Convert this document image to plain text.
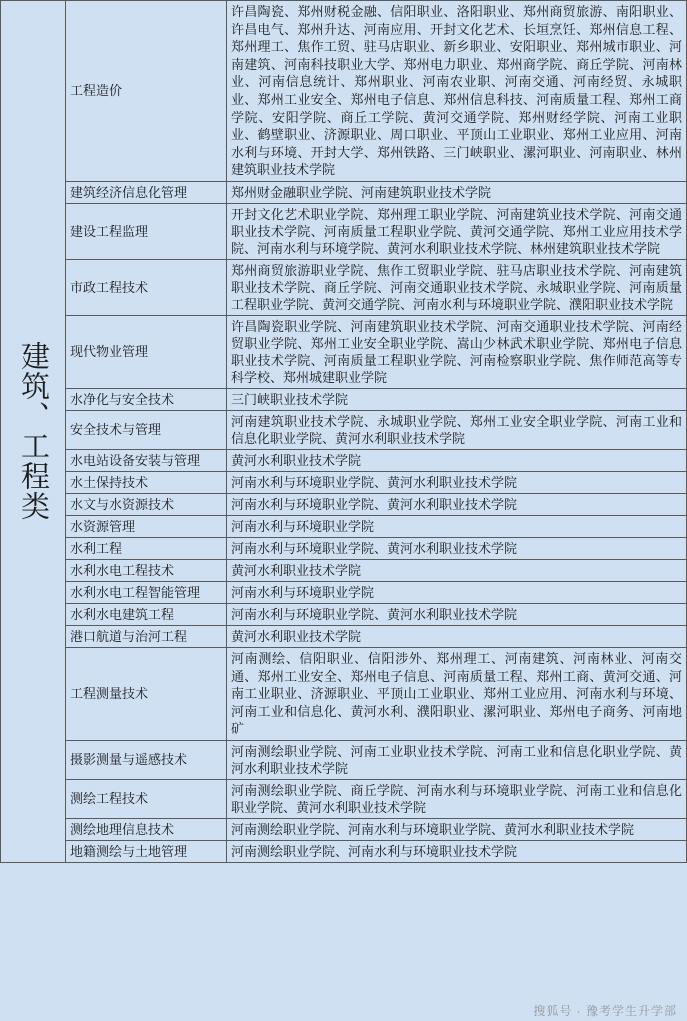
建筑、工程类	工程造价	许昌陶瓷、郑州财税金融、信阳职业、洛阳职业、郑州商贸旅游、南阳职业、许昌电气、郑州升达、河南应用、开封文化艺术、长垣烹饪、郑州信息工程、郑州理工、焦作工贸、驻马店职业、新乡职业、安阳职业、郑州城市职业、河南建筑、河南科技职业大学、郑州电力职业、郑州商学院、商丘学院、河南林业、河南信息统计、郑州职业、河南农业职、河南交通、河南经贸、永城职业、郑州工业安全、郑州电子信息、郑州信息科技、河南质量工程、郑州工商学院、安阳学院、商丘工学院、黄河交通学院、郑州财经学院、河南工业职业、鹤壁职业、济源职业、周口职业、平顶山工业职业、郑州工业应用、河南水利与环境、开封大学、郑州铁路、三门峡职业、漯河职业、河南职业、林州建筑职业技术学院
	建筑经济信息化管理	郑州财金融职业学院、河南建筑职业技术学院
	建设工程监理	开封文化艺术职业学院、郑州理工职业学院、河南建筑业技术学院、河南交通职业技术学院、河南质量工程职业学院、黄河交通学院、郑州工业应用技术学院、河南水利与环境学院、黄河水利职业技术学院、林州建筑职业技术学院
	市政工程技术	郑州商贸旅游职业学院、焦作工贸职业学院、驻马店职业技术学院、河南建筑职业技术学院、商丘学院、河南交通职业技术学院、永城职业学院、河南质量工程职业学院、黄河交通学院、河南水利与环境职业学院、濮阳职业技术学院
	现代物业管理	许昌陶瓷职业学院、河南建筑职业技术学院、河南交通职业技术学院、河南经贸职业学院、郑州工业安全职业学院、嵩山少林武术职业学院、郑州电子信息职业技术学院、河南质量工程职业学院、河南检察职业学院、焦作师范高等专科学校、郑州城建职业学院
	水净化与安全技术	三门峡职业技术学院
	安全技术与管理	河南建筑职业技术学院、永城职业学院、郑州工业安全职业学院、河南工业和信息化职业学院、黄河水利职业技术学院
	水电站设备安装与管理	黄河水利职业技术学院
	水土保持技术	河南水利与环境职业学院、黄河水利职业技术学院
	水文与水资源技术	河南水利与环境职业学院、黄河水利职业技术学院
	水资源管理	河南水利与环境职业学院
	水利工程	河南水利与环境职业学院、黄河水利职业技术学院
	水利水电工程技术	黄河水利职业技术学院
	水利水电工程智能管理	河南水利与环境职业学院
	水利水电建筑工程	河南水利与环境职业学院、黄河水利职业技术学院
	港口航道与治河工程	黄河水利职业技术学院
	工程测量技术	河南测绘、信阳职业、信阳涉外、郑州理工、河南建筑、河南林业、河南交通、郑州工业安全、郑州电子信息、河南质量工程、郑州工商、黄河交通、河南工业职业、济源职业、平顶山工业职业、郑州工业应用、河南水利与环境、河南工业和信息化、黄河水利、濮阳职业、漯河职业、郑州电子商务、河南地矿
	摄影测量与遥感技术	河南测绘职业学院、河南工业职业技术学院、河南工业和信息化职业学院、黄河水利职业技术学院
	测绘工程技术	河南测绘职业学院、商丘学院、河南水利与环境职业学院、河南工业和信息化职业学院、黄河水利职业技术学院
	测绘地理信息技术	河南测绘职业学院、河南水利与环境职业学院、黄河水利职业技术学院
	地籍测绘与土地管理	河南测绘职业学院、河南水利与环境职业技术学院
搜狐号 · 豫考学生升学部
